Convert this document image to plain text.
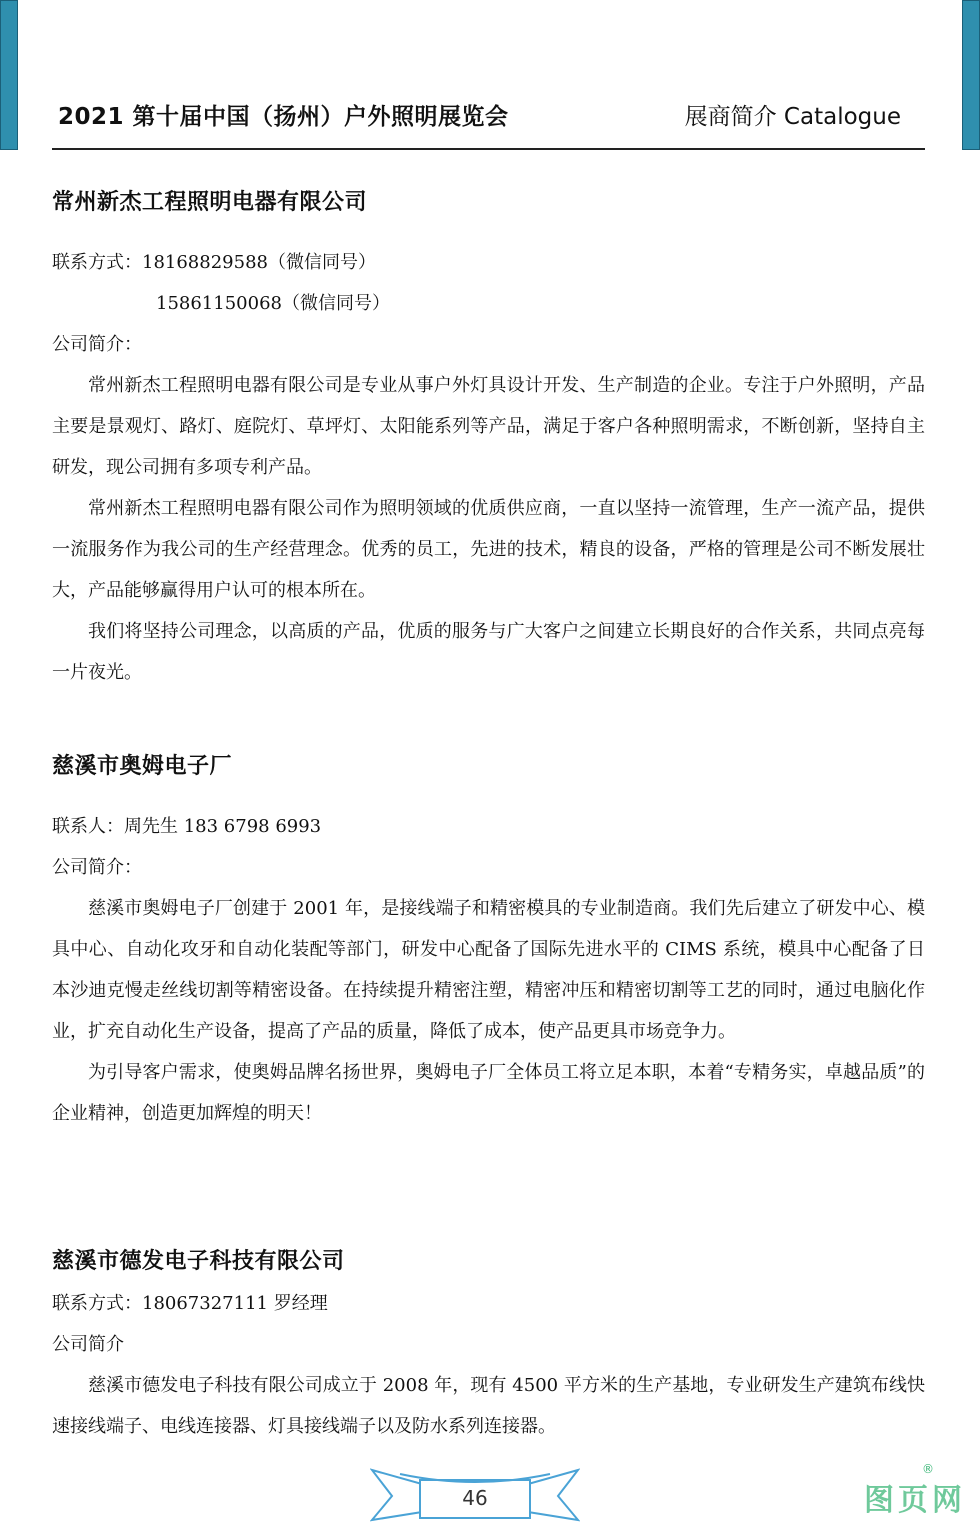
2021 第十届中国（扬州）户外照明展览会	展商简介 Catalogue

常州新杰工程照明电器有限公司

联系方式：18168829588（微信同号）

15861150068（微信同号）

公司简介：

常州新杰工程照明电器有限公司是专业从事户外灯具设计开发、生产制造的企业。专注于户外照明，产品主要是景观灯、路灯、庭院灯、草坪灯、太阳能系列等产品，满足于客户各种照明需求，不断创新，坚持自主研发，现公司拥有多项专利产品。

常州新杰工程照明电器有限公司作为照明领域的优质供应商，一直以坚持一流管理，生产一流产品，提供一流服务作为我公司的生产经营理念。优秀的员工，先进的技术，精良的设备，严格的管理是公司不断发展壮大，产品能够赢得用户认可的根本所在。

我们将坚持公司理念，以高质的产品，优质的服务与广大客户之间建立长期良好的合作关系，共同点亮每一片夜光。

慈溪市奥姆电子厂

联系人：周先生 183 6798 6993

公司简介：

慈溪市奥姆电子厂创建于 2001 年，是接线端子和精密模具的专业制造商。我们先后建立了研发中心、模具中心、自动化攻牙和自动化装配等部门，研发中心配备了国际先进水平的 CIMS 系统，模具中心配备了日本沙迪克慢走丝线切割等精密设备。在持续提升精密注塑，精密冲压和精密切割等工艺的同时，通过电脑化作业，扩充自动化生产设备，提高了产品的质量，降低了成本，使产品更具市场竞争力。

为引导客户需求，使奥姆品牌名扬世界，奥姆电子厂全体员工将立足本职，本着“专精务实，卓越品质”的企业精神，创造更加辉煌的明天！

慈溪市德发电子科技有限公司

联系方式：18067327111 罗经理

公司简介

慈溪市德发电子科技有限公司成立于 2008 年，现有 4500 平方米的生产基地，专业研发生产建筑布线快速接线端子、电线连接器、灯具接线端子以及防水系列连接器。

46	图页网
®
